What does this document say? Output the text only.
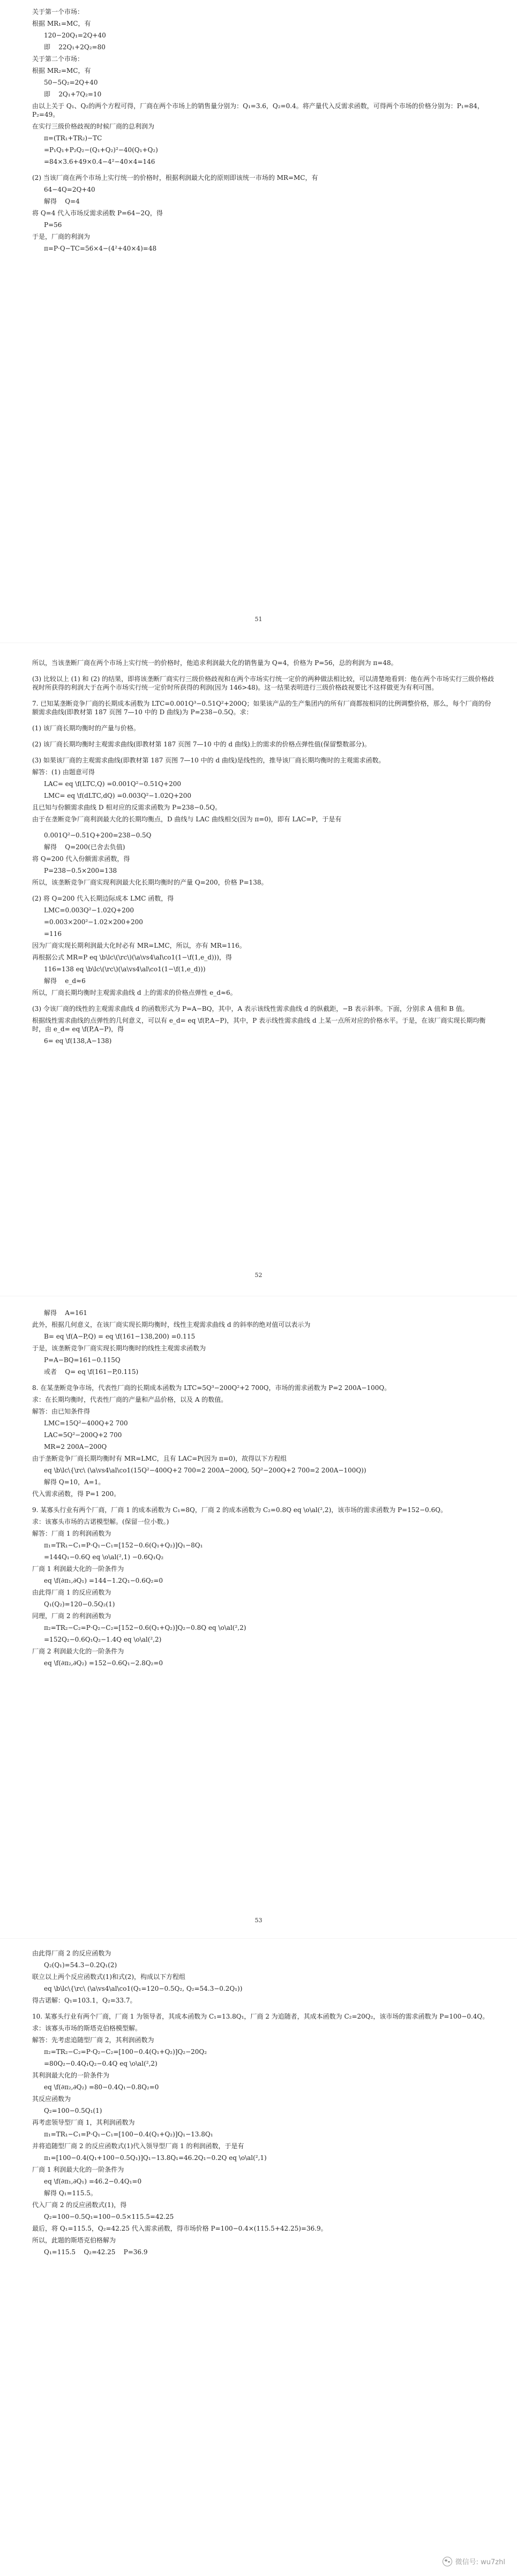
关于第一个市场：
根据 MR₁=MC，有
120−20Q₁=2Q+40
即    22Q₁+2Q₂=80
关于第二个市场：
根据 MR₂=MC，有
50−5Q₂=2Q+40
即    2Q₁+7Q₂=10
由以上关于 Q₁、Q₂的两个方程可得，厂商在两个市场上的销售量分别为：Q₁=3.6，Q₂=0.4。将产量代入反需求函数，可得两个市场的价格分别为：P₁=84，P₂=49。
在实行三级价格歧视的时候厂商的总利润为
π=(TR₁+TR₂)−TC
=P₁Q₁+P₂Q₂−(Q₁+Q₂)²−40(Q₁+Q₂)
=84×3.6+49×0.4−4²−40×4=146
(2) 当该厂商在两个市场上实行统一的价格时，根据利润最大化的原则即该统一市场的 MR=MC，有
64−4Q=2Q+40
解得    Q=4
将 Q=4 代入市场反需求函数 P=64−2Q，得
P=56
于是，厂商的利润为
π=P·Q−TC=56×4−(4²+40×4)=48
51
所以，当该垄断厂商在两个市场上实行统一的价格时，他追求利润最大化的销售量为 Q=4，价格为 P=56，总的利润为 π=48。
(3) 比较以上 (1) 和 (2) 的结果，即将该垄断厂商实行三级价格歧视和在两个市场实行统一定价的两种做法相比较，可以清楚地看到：他在两个市场实行三级价格歧视时所获得的利润大于在两个市场实行统一定价时所获得的利润(因为 146>48)。这一结果表明进行三级价格歧视要比不这样做更为有利可图。
7. 已知某垄断竞争厂商的长期成本函数为 LTC=0.001Q³−0.51Q²+200Q；如果该产品的生产集团内的所有厂商都按相同的比例调整价格，那么，每个厂商的份额需求曲线(即教材第 187 页图 7—10 中的 D 曲线)为 P=238−0.5Q。求：
(1) 该厂商长期均衡时的产量与价格。
(2) 该厂商长期均衡时主观需求曲线(即教材第 187 页图 7—10 中的 d 曲线)上的需求的价格点弹性值(保留整数部分)。
(3) 如果该厂商的主观需求曲线(即教材第 187 页图 7—10 中的 d 曲线)是线性的，推导该厂商长期均衡时的主观需求函数。
解答：(1) 由题意可得
LAC= eq \f(LTC,Q) =0.001Q²−0.51Q+200
LMC= eq \f(dLTC,dQ) =0.003Q²−1.02Q+200
且已知与份额需求曲线 D 相对应的反需求函数为 P=238−0.5Q。
由于在垄断竞争厂商利润最大化的长期均衡点，D 曲线与 LAC 曲线相交(因为 π=0)，即有 LAC=P，于是有
0.001Q²−0.51Q+200=238−0.5Q
解得    Q=200(已舍去负值)
将 Q=200 代入份额需求函数，得
P=238−0.5×200=138
所以，该垄断竞争厂商实现利润最大化长期均衡时的产量 Q=200，价格 P=138。
(2) 将 Q=200 代入长期边际成本 LMC 函数，得
LMC=0.003Q²−1.02Q+200
=0.003×200²−1.02×200+200
=116
因为厂商实现长期利润最大化时必有 MR=LMC，所以，亦有 MR=116。
再根据公式 MR=P eq \b\lc\(\rc\)(\a\vs4\al\co1(1−\f(1,e_d)))，得
116=138 eq \b\lc\(\rc\)(\a\vs4\al\co1(1−\f(1,e_d)))
解得    e_d≈6
所以，厂商长期均衡时主观需求曲线 d 上的需求的价格点弹性 e_d≈6。
(3) 令该厂商的线性的主观需求曲线 d 的函数形式为 P=A−BQ，其中，A 表示该线性需求曲线 d 的纵截距，−B 表示斜率。下面，分别求 A 值和 B 值。
根据线性需求曲线的点弹性的几何意义，可以有 e_d= eq \f(P,A−P)，其中，P 表示线性需求曲线 d 上某一点所对应的价格水平。于是，在该厂商实现长期均衡时，由 e_d= eq \f(P,A−P)，得
6= eq \f(138,A−138)
52
解得    A=161
此外，根据几何意义，在该厂商实现长期均衡时，线性主观需求曲线 d 的斜率的绝对值可以表示为
B= eq \f(A−P,Q) = eq \f(161−138,200) =0.115
于是，该垄断竞争厂商实现长期均衡时的线性主观需求函数为
P=A−BQ=161−0.115Q
或者    Q= eq \f(161−P,0.115)
8. 在某垄断竞争市场，代表性厂商的长期成本函数为 LTC=5Q³−200Q²+2 700Q，市场的需求函数为 P=2 200A−100Q。
求：在长期均衡时，代表性厂商的产量和产品价格，以及 A 的数值。
解答：由已知条件得
LMC=15Q²−400Q+2 700
LAC=5Q²−200Q+2 700
MR=2 200A−200Q
由于垄断竞争厂商长期均衡时有 MR=LMC，且有 LAC=P(因为 π=0)，故得以下方程组
eq \b\lc\{\rc\ (\a\vs4\al\co1(15Q²−400Q+2 700=2 200A−200Q, 5Q²−200Q+2 700=2 200A−100Q))
解得 Q=10，A=1。
代入需求函数，得 P=1 200。
9. 某寡头行业有两个厂商，厂商 1 的成本函数为 C₁=8Q，厂商 2 的成本函数为 C₂=0.8Q eq \o\al(²,2)，该市场的需求函数为 P=152−0.6Q。
求：该寡头市场的古诺模型解。(保留一位小数。)
解答：厂商 1 的利润函数为
π₁=TR₁−C₁=P·Q₁−C₁=[152−0.6(Q₁+Q₂)]Q₁−8Q₁
=144Q₁−0.6Q eq \o\al(²,1) −0.6Q₁Q₂
厂商 1 利润最大化的一阶条件为
eq \f(∂π₁,∂Q₁) =144−1.2Q₁−0.6Q₂=0
由此得厂商 1 的反应函数为
Q₁(Q₂)=120−0.5Q₂(1)
同理，厂商 2 的利润函数为
π₂=TR₂−C₂=P·Q₂−C₂=[152−0.6(Q₁+Q₂)]Q₂−0.8Q eq \o\al(²,2)
=152Q₂−0.6Q₁Q₂−1.4Q eq \o\al(²,2)
厂商 2 利润最大化的一阶条件为
eq \f(∂π₂,∂Q₂) =152−0.6Q₁−2.8Q₂=0
53
由此得厂商 2 的反应函数为
Q₂(Q₁)=54.3−0.2Q₁(2)
联立以上两个反应函数式(1)和式(2)，构成以下方程组
eq \b\lc\{\rc\ (\a\vs4\al\co1(Q₁=120−0.5Q₂, Q₂=54.3−0.2Q₁))
得古诺解：Q₁=103.1，Q₂=33.7。
10. 某寡头行业有两个厂商，厂商 1 为领导者，其成本函数为 C₁=13.8Q₁，厂商 2 为追随者，其成本函数为 C₂=20Q₂，该市场的需求函数为 P=100−0.4Q。
求：该寡头市场的斯塔克伯格模型解。
解答：先考虑追随型厂商 2，其利润函数为
π₂=TR₂−C₂=P·Q₂−C₂=[100−0.4(Q₁+Q₂)]Q₂−20Q₂
=80Q₂−0.4Q₁Q₂−0.4Q eq \o\al(²,2)
其利润最大化的一阶条件为
eq \f(∂π₂,∂Q₂) =80−0.4Q₁−0.8Q₂=0
其反应函数为
Q₂=100−0.5Q₁(1)
再考虑领导型厂商 1，其利润函数为
π₁=TR₁−C₁=P·Q₁−C₁=[100−0.4(Q₁+Q₂)]Q₁−13.8Q₁
并将追随型厂商 2 的反应函数式(1)代入领导型厂商 1 的利润函数，于是有
π₁=[100−0.4(Q₁+100−0.5Q₁)]Q₁−13.8Q₁=46.2Q₁−0.2Q eq \o\al(²,1)
厂商 1 利润最大化的一阶条件为
eq \f(∂π₁,∂Q₁) =46.2−0.4Q₁=0
解得 Q₁=115.5。
代入厂商 2 的反应函数式(1)，得
Q₂=100−0.5Q₁=100−0.5×115.5=42.25
最后，将 Q₁=115.5，Q₂=42.25 代入需求函数，得市场价格 P=100−0.4×(115.5+42.25)=36.9。
所以，此题的斯塔克伯格解为
Q₁=115.5    Q₂=42.25    P=36.9
微信号: wu7zhl
